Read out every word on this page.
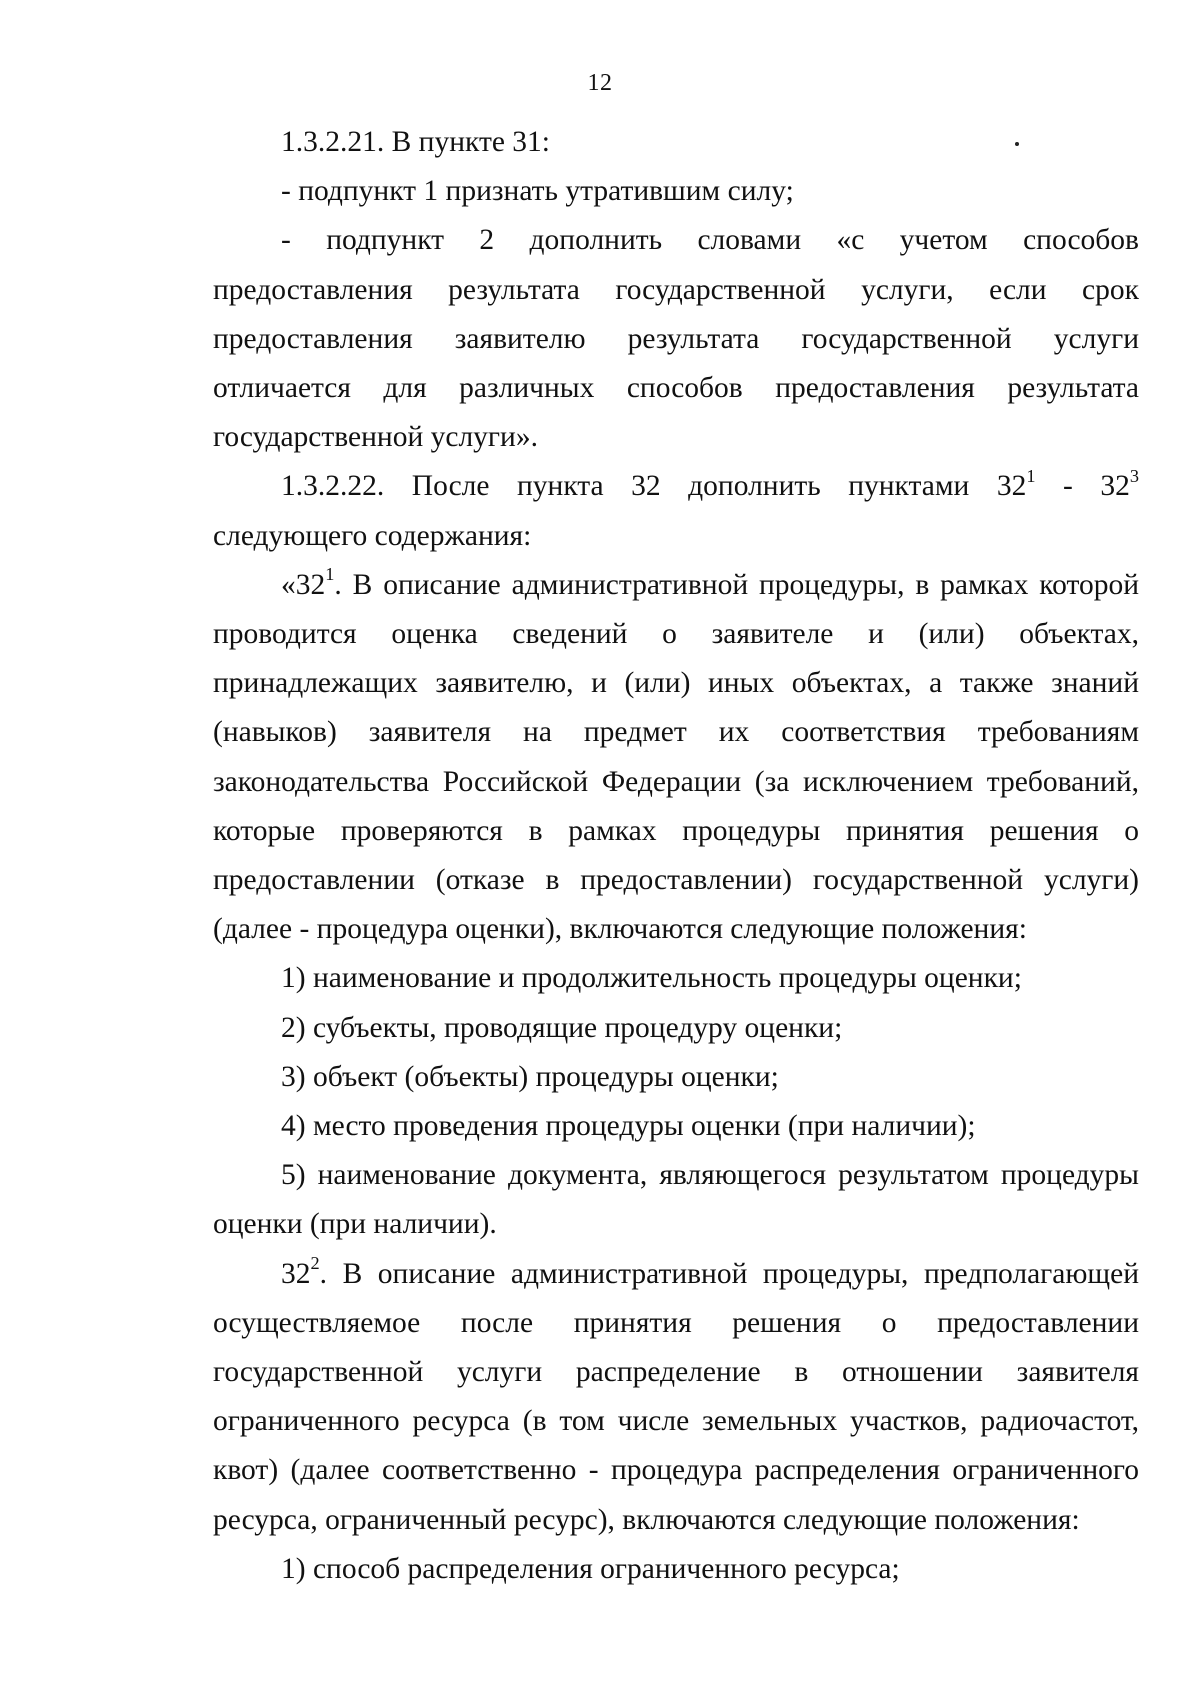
12

1.3.2.21. В пункте 31:

- подпункт 1 признать утратившим силу;

- подпункт 2 дополнить словами «с учетом способов предоставления результата государственной услуги, если срок предоставления заявителю результата государственной услуги отличается для различных способов предоставления результата государственной услуги».

1.3.2.22. После пункта 32 дополнить пунктами $32^1 - 32^3$ следующего содержания:

«$32^1$. В описание административной процедуры, в рамках которой проводится оценка сведений о заявителе и (или) объектах, принадлежащих заявителю, и (или) иных объектах, а также знаний (навыков) заявителя на предмет их соответствия требованиям законодательства Российской Федерации (за исключением требований, которые проверяются в рамках процедуры принятия решения о предоставлении (отказе в предоставлении) государственной услуги) (далее - процедура оценки), включаются следующие положения:

1) наименование и продолжительность процедуры оценки;

2) субъекты, проводящие процедуру оценки;

3) объект (объекты) процедуры оценки;

4) место проведения процедуры оценки (при наличии);

5) наименование документа, являющегося результатом процедуры оценки (при наличии).

$32^2$. В описание административной процедуры, предполагающей осуществляемое после принятия решения о предоставлении государственной услуги распределение в отношении заявителя ограниченного ресурса (в том числе земельных участков, радиочастот, квот) (далее соответственно - процедура распределения ограниченного ресурса, ограниченный ресурс), включаются следующие положения:

1) способ распределения ограниченного ресурса;
